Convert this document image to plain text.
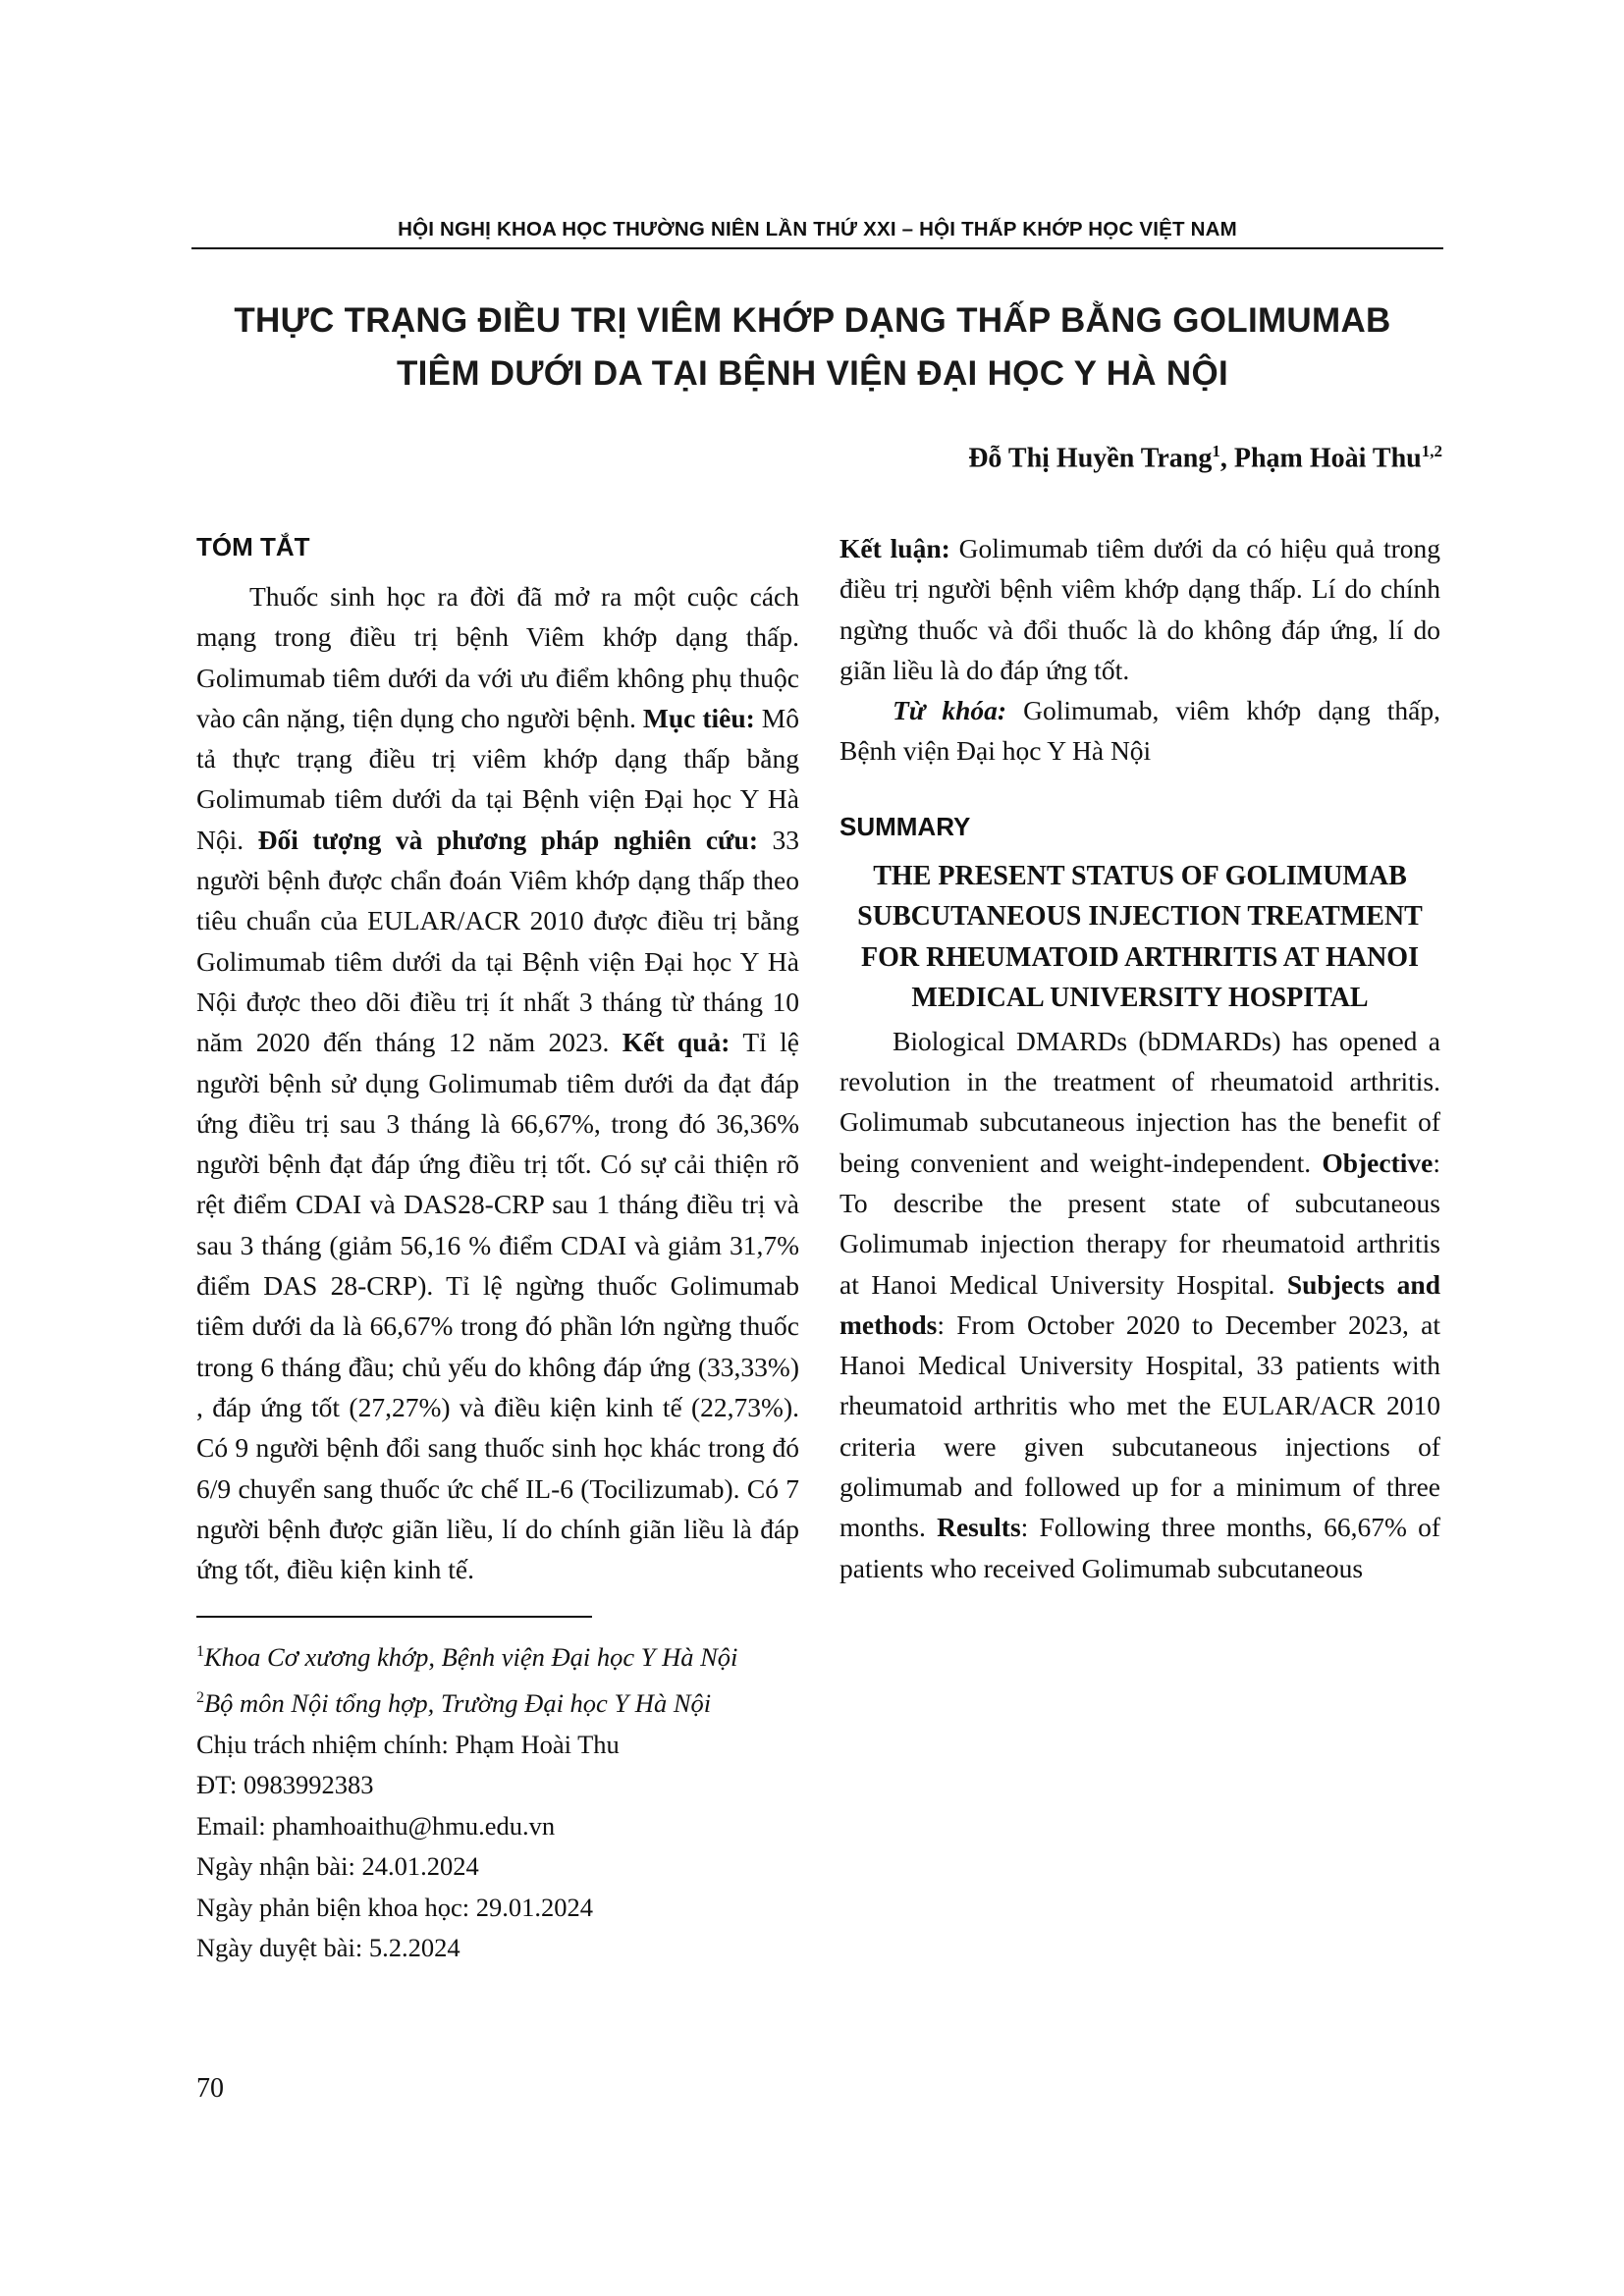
HỘI NGHỊ KHOA HỌC THƯỜNG NIÊN LẦN THỨ XXI – HỘI THẤP KHỚP HỌC VIỆT NAM
THỰC TRẠNG ĐIỀU TRỊ VIÊM KHỚP DẠNG THẤP BẰNG GOLIMUMAB
TIÊM DƯỚI DA TẠI BỆNH VIỆN ĐẠI HỌC Y HÀ NỘI
Đỗ Thị Huyền Trang$^1$, Phạm Hoài Thu$^{1,2}$
TÓM TẮT

Thuốc sinh học ra đời đã mở ra một cuộc cách mạng trong điều trị bệnh Viêm khớp dạng thấp. Golimumab tiêm dưới da với ưu điểm không phụ thuộc vào cân nặng, tiện dụng cho người bệnh. Mục tiêu: Mô tả thực trạng điều trị viêm khớp dạng thấp bằng Golimumab tiêm dưới da tại Bệnh viện Đại học Y Hà Nội. Đối tượng và phương pháp nghiên cứu: 33 người bệnh được chẩn đoán Viêm khớp dạng thấp theo tiêu chuẩn của EULAR/ACR 2010 được điều trị bằng Golimumab tiêm dưới da tại Bệnh viện Đại học Y Hà Nội được theo dõi điều trị ít nhất 3 tháng từ tháng 10 năm 2020 đến tháng 12 năm 2023. Kết quả: Tỉ lệ người bệnh sử dụng Golimumab tiêm dưới da đạt đáp ứng điều trị sau 3 tháng là 66,67%, trong đó 36,36% người bệnh đạt đáp ứng điều trị tốt. Có sự cải thiện rõ rệt điểm CDAI và DAS28-CRP sau 1 tháng điều trị và sau 3 tháng (giảm 56,16 % điểm CDAI và giảm 31,7% điểm DAS 28-CRP). Tỉ lệ ngừng thuốc Golimumab tiêm dưới da là 66,67% trong đó phần lớn ngừng thuốc trong 6 tháng đầu; chủ yếu do không đáp ứng (33,33%) , đáp ứng tốt (27,27%) và điều kiện kinh tế (22,73%). Có 9 người bệnh đổi sang thuốc sinh học khác trong đó 6/9 chuyển sang thuốc ức chế IL-6 (Tocilizumab). Có 7 người bệnh được giãn liều, lí do chính giãn liều là đáp ứng tốt, điều kiện kinh tế.

$^1$Khoa Cơ xương khớp, Bệnh viện Đại học Y Hà Nội
$^2$Bộ môn Nội tổng hợp, Trường Đại học Y Hà Nội
Chịu trách nhiệm chính: Phạm Hoài Thu
ĐT: 0983992383
Email: phamhoaithu@hmu.edu.vn
Ngày nhận bài: 24.01.2024
Ngày phản biện khoa học: 29.01.2024
Ngày duyệt bài: 5.2.2024
70

Kết luận: Golimumab tiêm dưới da có hiệu quả trong điều trị người bệnh viêm khớp dạng thấp. Lí do chính ngừng thuốc và đổi thuốc là do không đáp ứng, lí do giãn liều là do đáp ứng tốt.

Từ khóa: Golimumab, viêm khớp dạng thấp, Bệnh viện Đại học Y Hà Nội

SUMMARY
THE PRESENT STATUS OF GOLIMUMAB SUBCUTANEOUS INJECTION TREATMENT FOR RHEUMATOID ARTHRITIS AT HANOI MEDICAL UNIVERSITY HOSPITAL

Biological DMARDs (bDMARDs) has opened a revolution in the treatment of rheumatoid arthritis. Golimumab subcutaneous injection has the benefit of being convenient and weight-independent. Objective: To describe the present state of subcutaneous Golimumab injection therapy for rheumatoid arthritis at Hanoi Medical University Hospital. Subjects and methods: From October 2020 to December 2023, at Hanoi Medical University Hospital, 33 patients with rheumatoid arthritis who met the EULAR/ACR 2010 criteria were given subcutaneous injections of golimumab and followed up for a minimum of three months. Results: Following three months, 66,67% of patients who received Golimumab subcutaneous
